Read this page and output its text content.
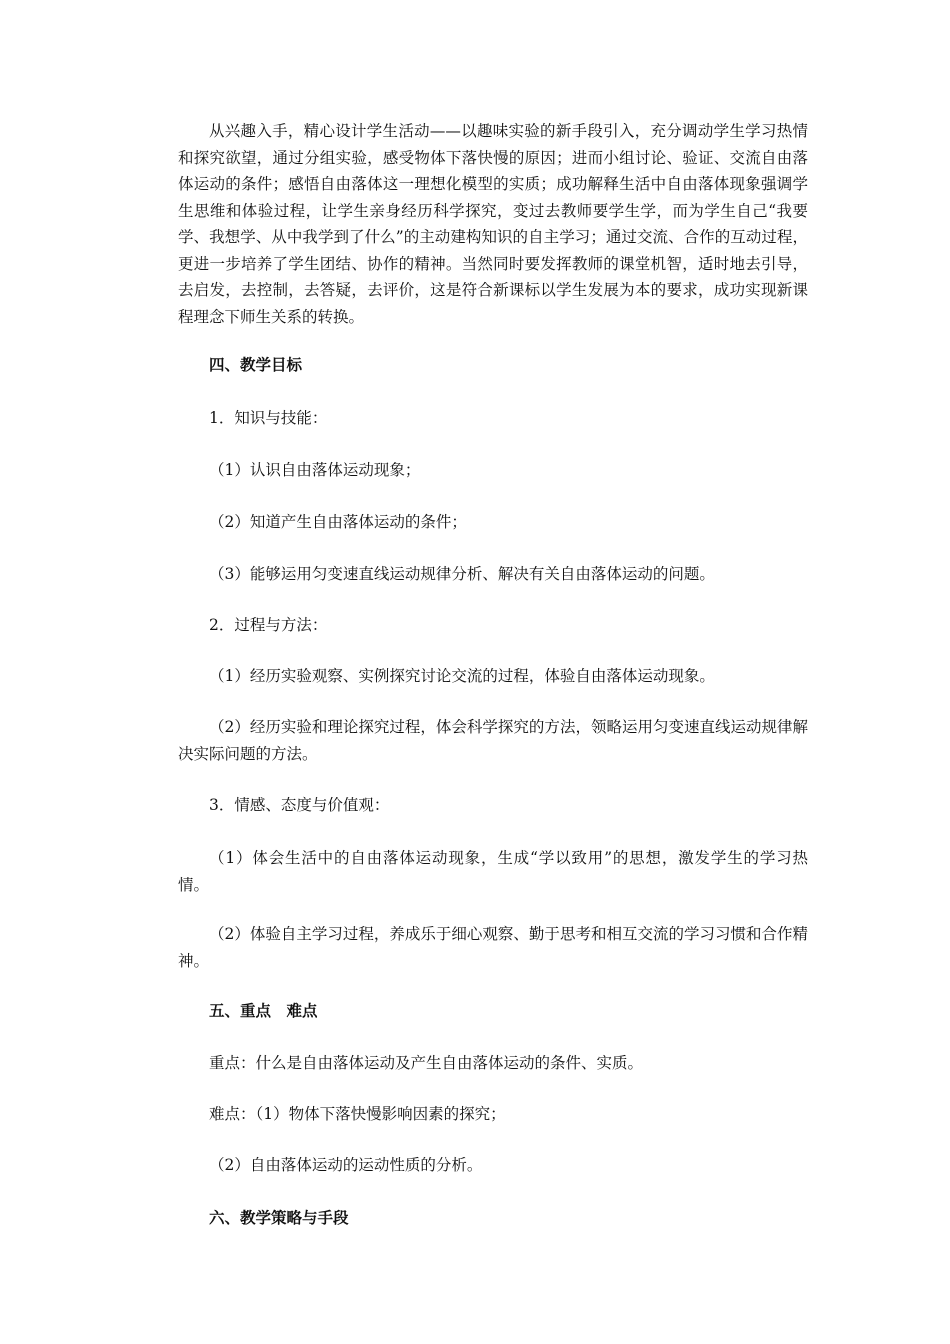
从兴趣入手，精心设计学生活动——以趣味实验的新手段引入，充分调动学生学习热情和探究欲望，通过分组实验，感受物体下落快慢的原因；进而小组讨论、验证、交流自由落体运动的条件；感悟自由落体这一理想化模型的实质；成功解释生活中自由落体现象强调学生思维和体验过程，让学生亲身经历科学探究，变过去教师要学生学，而为学生自己“我要学、我想学、从中我学到了什么”的主动建构知识的自主学习；通过交流、合作的互动过程，更进一步培养了学生团结、协作的精神。当然同时要发挥教师的课堂机智，适时地去引导，去启发，去控制，去答疑，去评价，这是符合新课标以学生发展为本的要求，成功实现新课程理念下师生关系的转换。

四、教学目标

1．知识与技能：

（1）认识自由落体运动现象；

（2）知道产生自由落体运动的条件；

（3）能够运用匀变速直线运动规律分析、解决有关自由落体运动的问题。

2．过程与方法：

（1）经历实验观察、实例探究讨论交流的过程，体验自由落体运动现象。

（2）经历实验和理论探究过程，体会科学探究的方法，领略运用匀变速直线运动规律解决实际问题的方法。

3．情感、态度与价值观：

（1）体会生活中的自由落体运动现象，生成“学以致用”的思想，激发学生的学习热情。

（2）体验自主学习过程，养成乐于细心观察、勤于思考和相互交流的学习习惯和合作精神。

五、重点　难点

重点：什么是自由落体运动及产生自由落体运动的条件、实质。

难点：（1）物体下落快慢影响因素的探究；

（2）自由落体运动的运动性质的分析。

六、教学策略与手段
